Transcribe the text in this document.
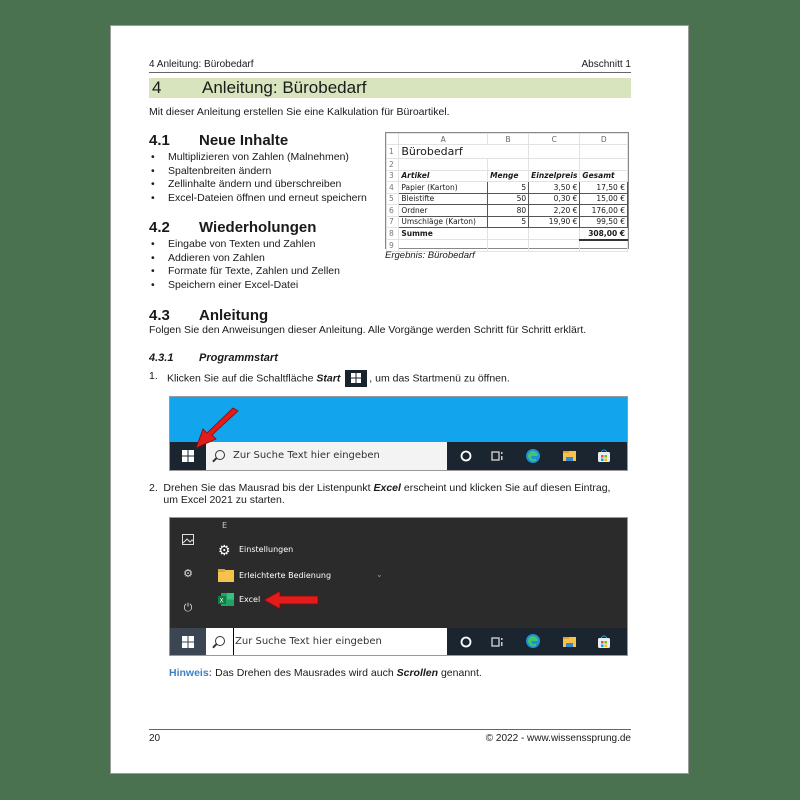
4 Anleitung: Bürobedarf	Abschnitt 1
4	Anleitung: Bürobedarf
Mit dieser Anleitung erstellen Sie eine Kalkulation für Büroartikel.
4.1	Neue Inhalte
• Multiplizieren von Zahlen (Malnehmen)
• Spaltenbreiten ändern
• Zellinhalte ändern und überschreiben
• Excel-Dateien öffnen und erneut speichern
4.2	Wiederholungen
• Eingabe von Texten und Zahlen
• Addieren von Zahlen
• Formate für Texte, Zahlen und Zellen
• Speichern einer Excel-Datei
	A	B	C	D
1	Bürobedarf			
2				
3	Artikel	Menge	Einzelpreis	Gesamt
4	Papier (Karton)	5	3,50 €	17,50 €
5	Bleistifte	50	0,30 €	15,00 €
6	Ordner	80	2,20 €	176,00 €
7	Umschläge (Karton)	5	19,90 €	99,50 €
8	Summe			308,00 €
9				
Ergebnis: Bürobedarf
4.3	Anleitung
Folgen Sie den Anweisungen dieser Anleitung. Alle Vorgänge werden Schritt für Schritt erklärt.
4.3.1	Programmstart
1. Klicken Sie auf die Schaltfläche Start	, um das Startmenü zu öffnen.
Zur Suche Text hier eingeben
2. Drehen Sie das Mausrad bis der Listenpunkt Excel erscheint und klicken Sie auf diesen Eintrag, um Excel 2021 zu starten.
E
⚙
⏻
⚙ Einstellungen
Erleichterte Bedienung	⌄
X Excel
Zur Suche Text hier eingeben
Hinweis: Das Drehen des Mausrades wird auch Scrollen genannt.
20	© 2022 - www.wissenssprung.de
